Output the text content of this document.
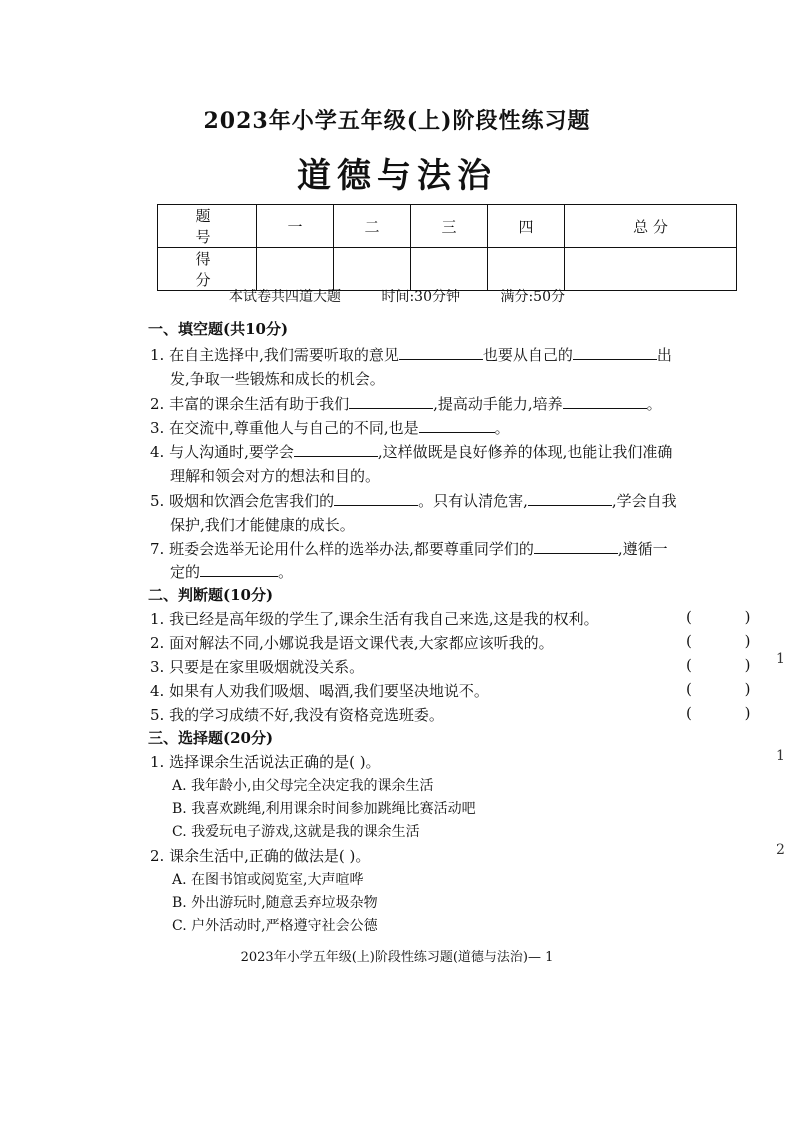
2023年小学五年级(上)阶段性练习题
道德与法治
题 号	一	二	三	四	总 分
得 分					
本试卷共四道大题	时间:30分钟	满分:50分
一、填空题(共10分)
1. 在自主选择中,我们需要听取的意见	也要从自己的	出
发,争取一些锻炼和成长的机会。
2. 丰富的课余生活有助于我们	,提高动手能力,培养	。
3. 在交流中,尊重他人与自己的不同,也是	。
4. 与人沟通时,要学会	,这样做既是良好修养的体现,也能让我们准确
理解和领会对方的想法和目的。
5. 吸烟和饮酒会危害我们的	。只有认清危害,	,学会自我
保护,我们才能健康的成长。
7. 班委会选举无论用什么样的选举办法,都要尊重同学们的	,遵循一
定的	。
二、判断题(10分)
1. 我已经是高年级的学生了,课余生活有我自己来选,这是我的权利。	( )
2. 面对解法不同,小娜说我是语文课代表,大家都应该听我的。	( )
3. 只要是在家里吸烟就没关系。	( )
4. 如果有人劝我们吸烟、喝酒,我们要坚决地说不。	( )
5. 我的学习成绩不好,我没有资格竞选班委。	( )
三、选择题(20分)
1. 选择课余生活说法正确的是( )。
A. 我年龄小,由父母完全决定我的课余生活
B. 我喜欢跳绳,利用课余时间参加跳绳比赛活动吧
C. 我爱玩电子游戏,这就是我的课余生活
2. 课余生活中,正确的做法是( )。
A. 在图书馆或阅览室,大声喧哗
B. 外出游玩时,随意丢弃垃圾杂物
C. 户外活动时,严格遵守社会公德
2023年小学五年级(上)阶段性练习题(道德与法治)— 1
1
1
2
